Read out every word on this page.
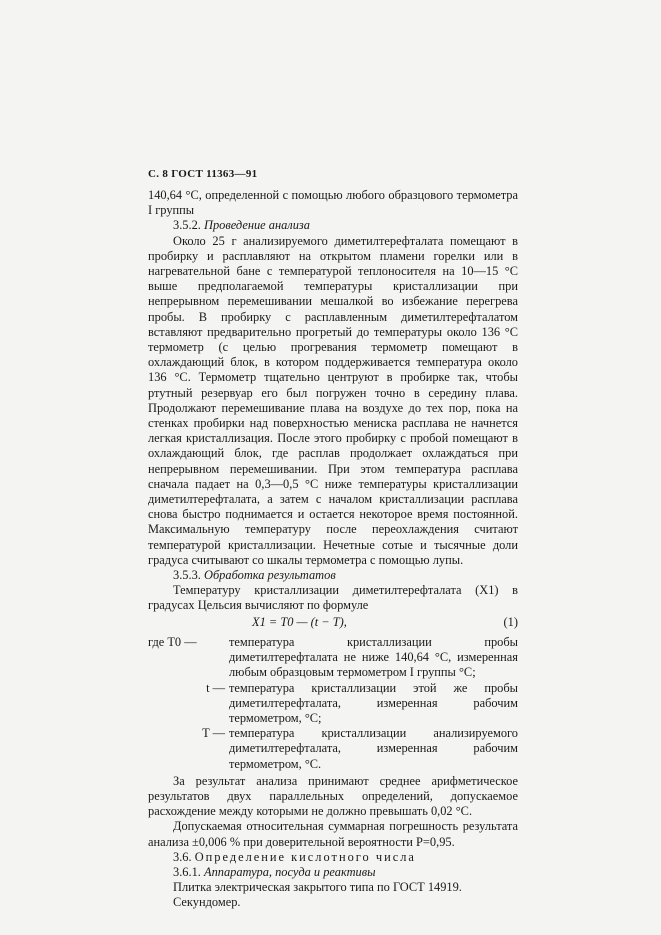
С. 8 ГОСТ 11363—91

140,64 °С, определенной с помощью любого образцового термометра I группы

3.5.2. Проведение анализа

Около 25 г анализируемого диметилтерефталата помещают в пробирку и расплавляют на открытом пламени горелки или в нагревательной бане с температурой теплоносителя на 10—15 °С выше предполагаемой температуры кристаллизации при непрерывном перемешивании мешалкой во избежание перегрева пробы. В пробирку с расплавленным диметилтерефталатом вставляют предварительно прогретый до температуры около 136 °С термометр (с целью прогревания термометр помещают в охлаждающий блок, в котором поддерживается температура около 136 °С. Термометр тщательно центруют в пробирке так, чтобы ртутный резервуар его был погружен точно в середину плава. Продолжают перемешивание плава на воздухе до тех пор, пока на стенках пробирки над поверхностью мениска расплава не начнется легкая кристаллизация. После этого пробирку с пробой помещают в охлаждающий блок, где расплав продолжает охлаждаться при непрерывном перемешивании. При этом температура расплава сначала падает на 0,3—0,5 °С ниже температуры кристаллизации диметилтерефталата, а затем с началом кристаллизации расплава снова быстро поднимается и остается некоторое время постоянной. Максимальную температуру после переохлаждения считают температурой кристаллизации. Нечетные сотые и тысячные доли градуса считывают со шкалы термометра с помощью лупы.

3.5.3. Обработка результатов

Температуру кристаллизации диметилтерефталата (X1) в градусах Цельсия вычисляют по формуле

X1 = T0 — (t − T),	(1)
где T0 —	температура кристаллизации пробы диметилтерефталата не ниже 140,64 °С, измеренная любым образцовым термометром I группы °С;
t — температура кристаллизации этой же пробы диметилтерефталата, измеренная рабочим термометром, °С;
T — температура кристаллизации анализируемого диметилтерефталата, измеренная рабочим термометром, °С.

За результат анализа принимают среднее арифметическое результатов двух параллельных определений, допускаемое расхождение между которыми не должно превышать 0,02 °С.

Допускаемая относительная суммарная погрешность результата анализа ±0,006 % при доверительной вероятности P=0,95.

3.6. Определение кислотного числа

3.6.1. Аппаратура, посуда и реактивы

Плитка электрическая закрытого типа по ГОСТ 14919.

Секундомер.
